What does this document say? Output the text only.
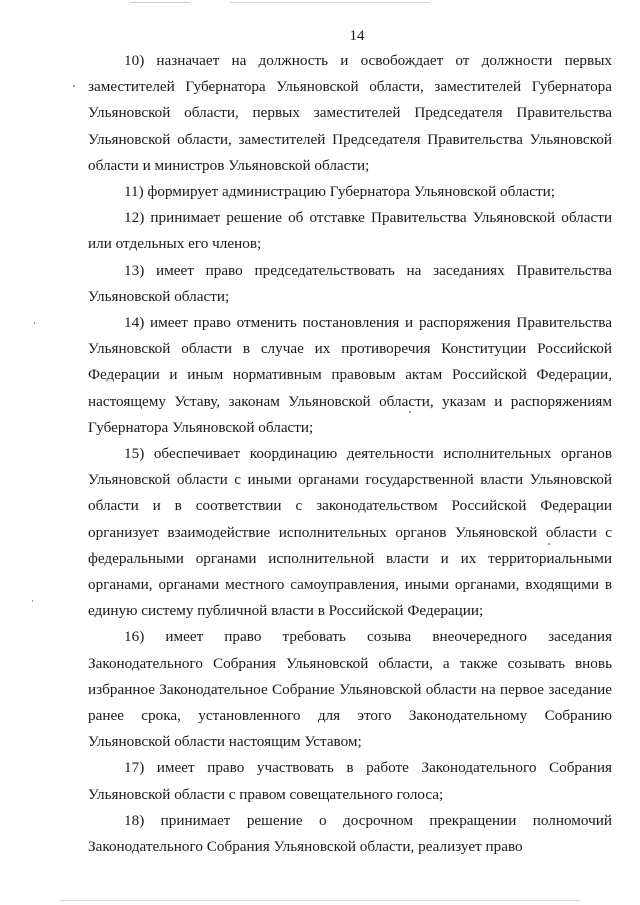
14

10) назначает на должность и освобождает от должности первых заместителей Губернатора Ульяновской области, заместителей Губернатора Ульяновской области, первых заместителей Председателя Правительства Ульяновской области, заместителей Председателя Правительства Ульяновской области и министров Ульяновской области;

11) формирует администрацию Губернатора Ульяновской области;

12) принимает решение об отставке Правительства Ульяновской области или отдельных его членов;

13) имеет право председательствовать на заседаниях Правительства Ульяновской области;

14) имеет право отменить постановления и распоряжения Правительства Ульяновской области в случае их противоречия Конституции Российской Федерации и иным нормативным правовым актам Российской Федерации, настоящему Уставу, законам Ульяновской области, указам и распоряжениям Губернатора Ульяновской области;

15) обеспечивает координацию деятельности исполнительных органов Ульяновской области с иными органами государственной власти Ульяновской области и в соответствии с законодательством Российской Федерации организует взаимодействие исполнительных органов Ульяновской области с федеральными органами исполнительной власти и их территориальными органами, органами местного самоуправления, иными органами, входящими в единую систему публичной власти в Российской Федерации;

16) имеет право требовать созыва внеочередного заседания Законодательного Собрания Ульяновской области, а также созывать вновь избранное Законодательное Собрание Ульяновской области на первое заседание ранее срока, установленного для этого Законодательному Собранию Ульяновской области настоящим Уставом;

17) имеет право участвовать в работе Законодательного Собрания Ульяновской области с правом совещательного голоса;

18) принимает решение о досрочном прекращении полномочий Законодательного Собрания Ульяновской области, реализует право
